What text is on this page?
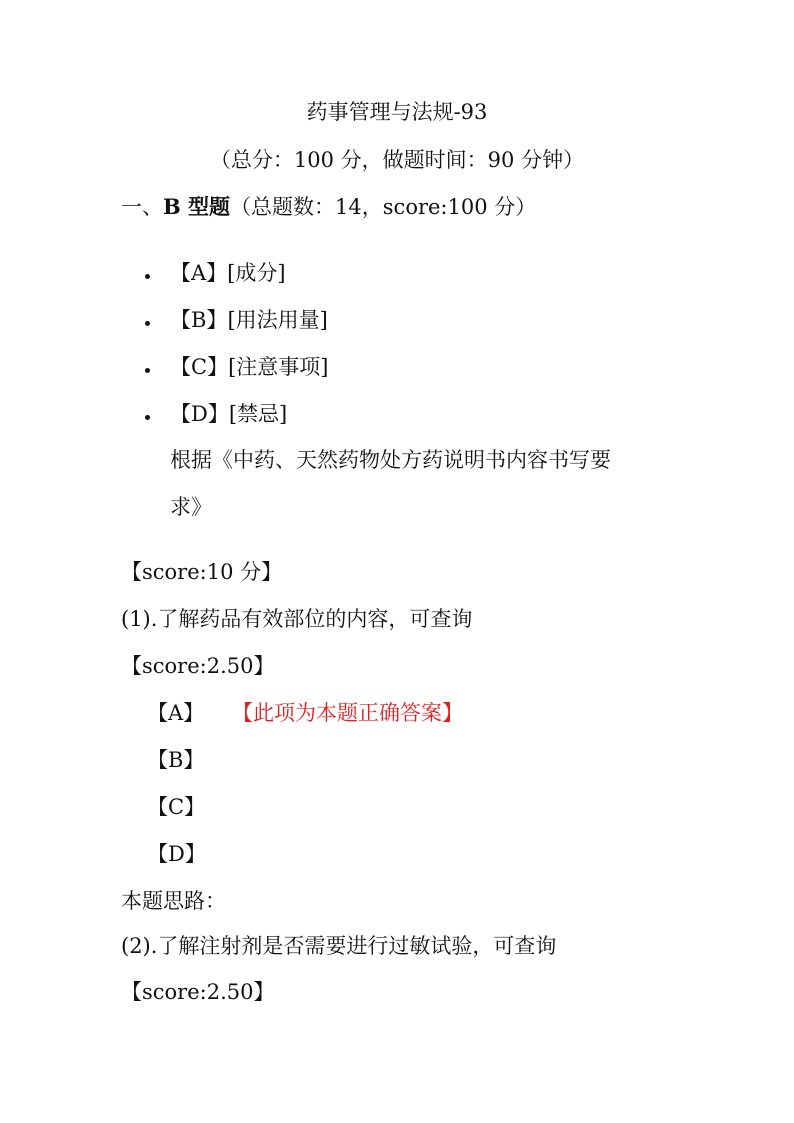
药事管理与法规-93
（总分：100 分，做题时间：90 分钟）
一、B 型题（总题数：14，score:100 分）
【A】[成分]
【B】[用法用量]
【C】[注意事项]
【D】[禁忌]
根据《中药、天然药物处方药说明书内容书写要
求》
【score:10 分】
(1).了解药品有效部位的内容，可查询
【score:2.50】
【A】 【此项为本题正确答案】
【B】
【C】
【D】
本题思路：
(2).了解注射剂是否需要进行过敏试验，可查询
【score:2.50】
